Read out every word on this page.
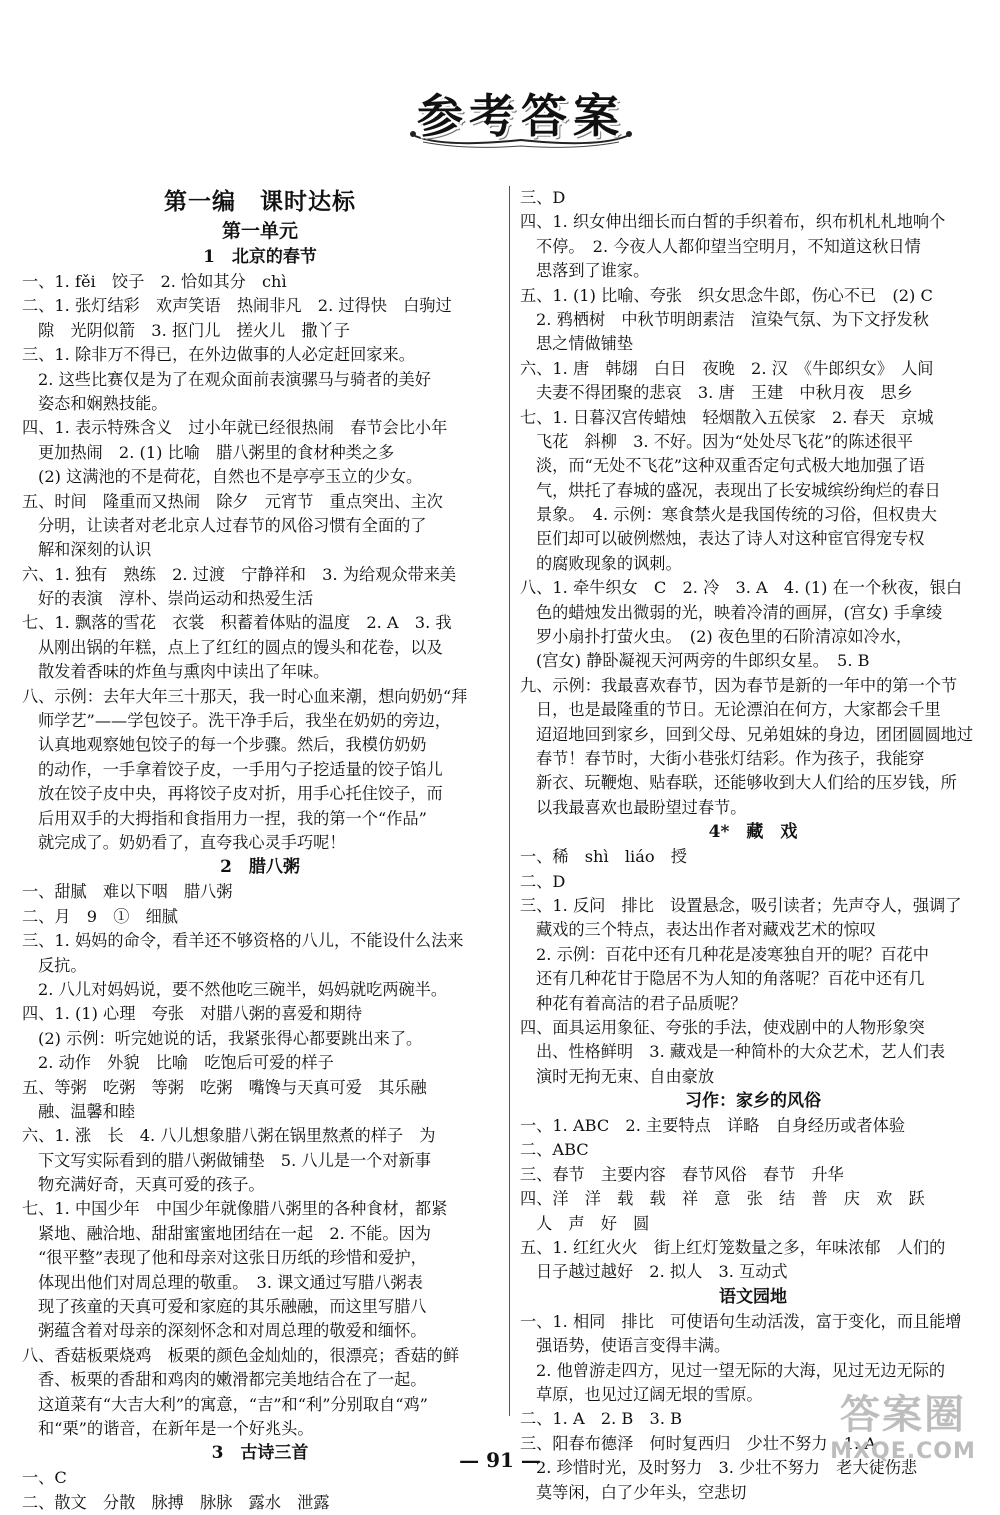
参考答案
第一编　课时达标
第一单元
1　北京的春节
一、1. fěi　饺子　2. 恰如其分　chì
二、1. 张灯结彩　欢声笑语　热闹非凡　2. 过得快　白驹过
隙　光阴似箭　3. 抠门儿　搓火儿　撒丫子
三、1. 除非万不得已，在外边做事的人必定赶回家来。
2. 这些比赛仅是为了在观众面前表演骡马与骑者的美好
姿态和娴熟技能。
四、1. 表示特殊含义　过小年就已经很热闹　春节会比小年
更加热闹　2. (1) 比喻　腊八粥里的食材种类之多
(2) 这满池的不是荷花，自然也不是亭亭玉立的少女。
五、时间　隆重而又热闹　除夕　元宵节　重点突出、主次
分明，让读者对老北京人过春节的风俗习惯有全面的了
解和深刻的认识
六、1. 独有　熟练　2. 过渡　宁静祥和　3. 为给观众带来美
好的表演　淳朴、崇尚运动和热爱生活
七、1. 飘落的雪花　衣裳　积蓄着体贴的温度　2. A　3. 我
从刚出锅的年糕，点上了红红的圆点的馒头和花卷，以及
散发着香味的炸鱼与熏肉中读出了年味。
八、示例：去年大年三十那天，我一时心血来潮，想向奶奶“拜
师学艺”——学包饺子。洗干净手后，我坐在奶奶的旁边，
认真地观察她包饺子的每一个步骤。然后，我模仿奶奶
的动作，一手拿着饺子皮，一手用勺子挖适量的饺子馅儿
放在饺子皮中央，再将饺子皮对折，用手心托住饺子，而
后用双手的大拇指和食指用力一捏，我的第一个“作品”
就完成了。奶奶看了，直夸我心灵手巧呢！
2　腊八粥
一、甜腻　难以下咽　腊八粥
二、月　9　①　细腻
三、1. 妈妈的命令，看羊还不够资格的八儿，不能设什么法来
反抗。
2. 八儿对妈妈说，要不然他吃三碗半，妈妈就吃两碗半。
四、1. (1) 心理　夸张　对腊八粥的喜爱和期待
(2) 示例：听完她说的话，我紧张得心都要跳出来了。
2. 动作　外貌　比喻　吃饱后可爱的样子
五、等粥　吃粥　等粥　吃粥　嘴馋与天真可爱　其乐融
融、温馨和睦
六、1. 涨　长　4. 八儿想象腊八粥在锅里熬煮的样子　为
下文写实际看到的腊八粥做铺垫　5. 八儿是一个对新事
物充满好奇，天真可爱的孩子。
七、1. 中国少年　中国少年就像腊八粥里的各种食材，都紧
紧地、融洽地、甜甜蜜蜜地团结在一起　2. 不能。因为
“很平整”表现了他和母亲对这张日历纸的珍惜和爱护，
体现出他们对周总理的敬重。　3. 课文通过写腊八粥表
现了孩童的天真可爱和家庭的其乐融融，而这里写腊八
粥蕴含着对母亲的深刻怀念和对周总理的敬爱和缅怀。
八、香菇板栗烧鸡　板栗的颜色金灿灿的，很漂亮；香菇的鲜
香、板栗的香甜和鸡肉的嫩滑都完美地结合在了一起。
这道菜有“大吉大利”的寓意，“吉”和“利”分别取自“鸡”
和“栗”的谐音，在新年是一个好兆头。
3　古诗三首
一、C
二、散文　分散　脉搏　脉脉　露水　泄露
三、D
四、1. 织女伸出细长而白皙的手织着布，织布机札札地响个
不停。　2. 今夜人人都仰望当空明月，不知道这秋日情
思落到了谁家。
五、1. (1) 比喻、夸张　织女思念牛郎，伤心不已　(2) C
2. 鸦栖树　中秋节明朗素洁　渲染气氛、为下文抒发秋
思之情做铺垫
六、1. 唐　韩翃　白日　夜晚　2. 汉　《牛郎织女》　人间
夫妻不得团聚的悲哀　3. 唐　王建　中秋月夜　思乡
七、1. 日暮汉宫传蜡烛　轻烟散入五侯家　2. 春天　京城
飞花　斜柳　3. 不好。因为“处处尽飞花”的陈述很平
淡，而“无处不飞花”这种双重否定句式极大地加强了语
气，烘托了春城的盛况，表现出了长安城缤纷绚烂的春日
景象。　4. 示例：寒食禁火是我国传统的习俗，但权贵大
臣们却可以破例燃烛，表达了诗人对这种宦官得宠专权
的腐败现象的讽刺。
八、1. 牵牛织女　C　2. 冷　3. A　4. (1) 在一个秋夜，银白
色的蜡烛发出微弱的光，映着冷清的画屏，(宫女) 手拿绫
罗小扇扑打萤火虫。　(2) 夜色里的石阶清凉如冷水，
(宫女) 静卧凝视天河两旁的牛郎织女星。　5. B
九、示例：我最喜欢春节，因为春节是新的一年中的第一个节
日，也是最隆重的节日。无论漂泊在何方，大家都会千里
迢迢地回到家乡，回到父母、兄弟姐妹的身边，团团圆圆地过
春节！春节时，大街小巷张灯结彩。作为孩子，我能穿
新衣、玩鞭炮、贴春联，还能够收到大人们给的压岁钱，所
以我最喜欢也最盼望过春节。
4*　藏　戏
一、稀　shì　liáo　授
二、D
三、1. 反问　排比　设置悬念，吸引读者；先声夺人，强调了
藏戏的三个特点，表达出作者对藏戏艺术的惊叹
2. 示例：百花中还有几种花是凌寒独自开的呢？百花中
还有几种花甘于隐居不为人知的角落呢？百花中还有几
种花有着高洁的君子品质呢？
四、面具运用象征、夸张的手法，使戏剧中的人物形象突
出、性格鲜明　3. 藏戏是一种简朴的大众艺术，艺人们表
演时无拘无束、自由豪放
习作：家乡的风俗
一、1. ABC　2. 主要特点　详略　自身经历或者体验
二、ABC
三、春节　主要内容　春节风俗　春节　升华
四、洋　洋　载　载　祥　意　张　结　普　庆　欢　跃
人　声　好　圆
五、1. 红红火火　街上红灯笼数量之多，年味浓郁　人们的
日子越过越好　2. 拟人　3. 互动式
语文园地
一、1. 相同　排比　可使语句生动活泼，富于变化，而且能增
强语势，使语言变得丰满。
2. 他曾游走四方，见过一望无际的大海，见过无边无际的
草原，也见过辽阔无垠的雪原。
二、1. A　2. B　3. B
三、阳春布德泽　何时复西归　少壮不努力　1. A
2. 珍惜时光，及时努力　3. 少壮不努力　老大徒伤悲
莫等闲，白了少年头，空悲切
— 91 —
答案圈
MXQE.COM
